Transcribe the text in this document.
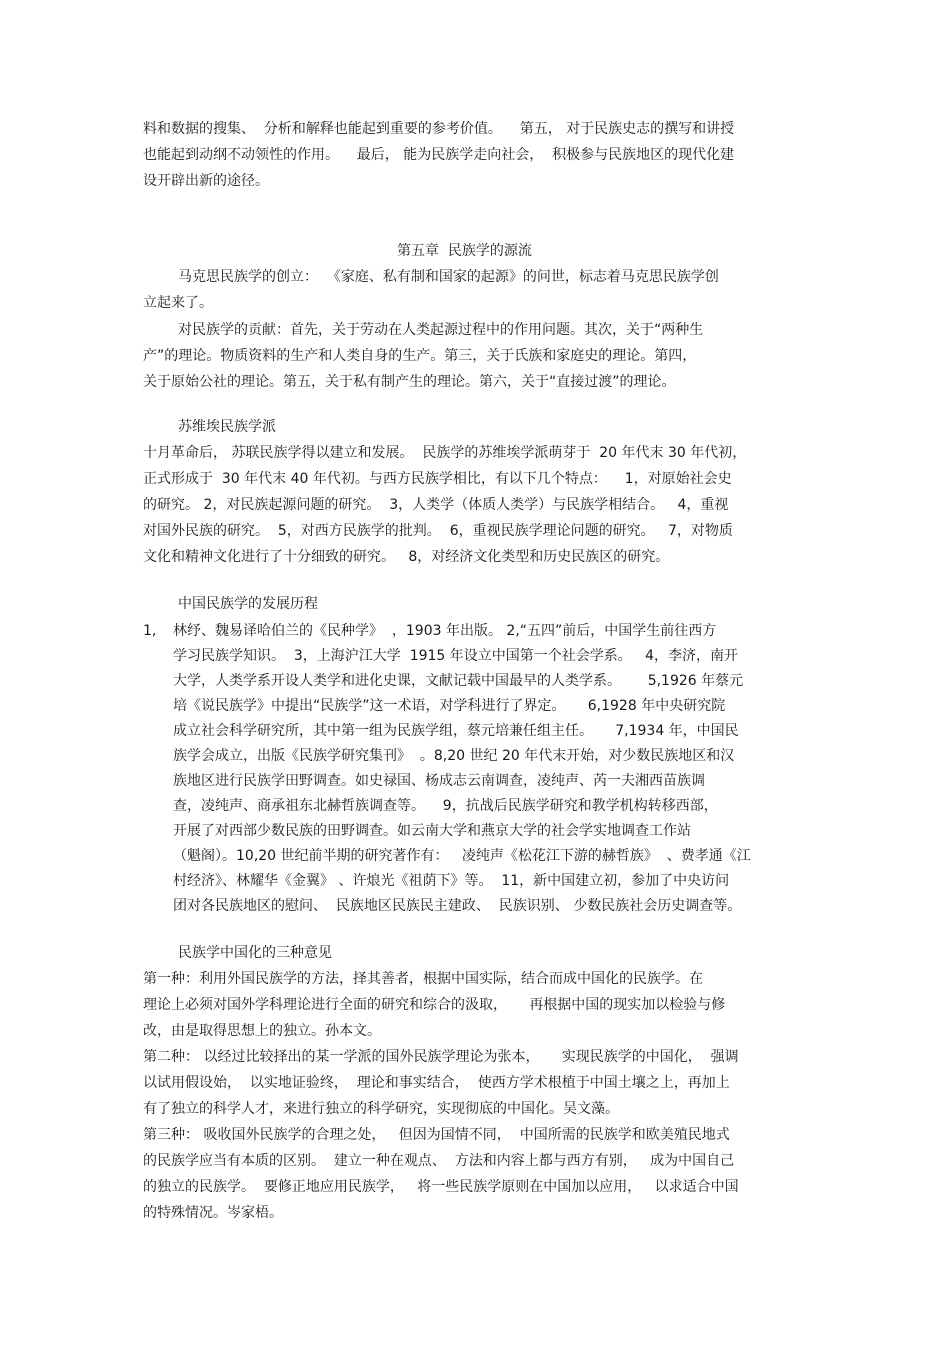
料和数据的搜集、  分析和解释也能起到重要的参考价值。    第五， 对于民族史志的撰写和讲授
也能起到动纲不动领性的作用。    最后， 能为民族学走向社会，  积极参与民族地区的现代化建
设开辟出新的途径。
第五章  民族学的源流
马克思民族学的创立：  《家庭、私有制和国家的起源》的问世，标志着马克思民族学创
立起来了。
对民族学的贡献：首先，关于劳动在人类起源过程中的作用问题。其次，关于“两种生
产”的理论。物质资料的生产和人类自身的生产。第三，关于氏族和家庭史的理论。第四，
关于原始公社的理论。第五，关于私有制产生的理论。第六，关于“直接过渡”的理论。
苏维埃民族学派
十月革命后， 苏联民族学得以建立和发展。  民族学的苏维埃学派萌芽于  20 年代末 30 年代初，
正式形成于  30 年代末 40 年代初。与西方民族学相比，有以下几个特点：    1，对原始社会史
的研究。 2，对民族起源问题的研究。  3，人类学（体质人类学）与民族学相结合。   4，重视
对国外民族的研究。  5，对西方民族学的批判。  6，重视民族学理论问题的研究。   7，对物质
文化和精神文化进行了十分细致的研究。   8，对经济文化类型和历史民族区的研究。
中国民族学的发展历程
1, 林纾、魏易译哈伯兰的《民种学》  ，1903 年出版。 2,“五四”前后，中国学生前往西方
学习民族学知识。  3，上海沪江大学  1915 年设立中国第一个社会学系。   4，李济，南开
大学，人类学系开设人类学和进化史课，文献记载中国最早的人类学系。      5,1926 年蔡元
培《说民族学》中提出“民族学”这一术语，对学科进行了界定。     6,1928 年中央研究院
成立社会科学研究所，其中第一组为民族学组，蔡元培兼任组主任。     7,1934 年，中国民
族学会成立，出版《民族学研究集刊》  。8,20 世纪 20 年代末开始，对少数民族地区和汉
族地区进行民族学田野调查。如史禄国、杨成志云南调查，凌纯声、芮一夫湘西苗族调
查，凌纯声、商承祖东北赫哲族调查等。    9，抗战后民族学研究和教学机构转移西部，
开展了对西部少数民族的田野调查。如云南大学和燕京大学的社会学实地调查工作站
（魁阁）。10,20 世纪前半期的研究著作有：   凌纯声《松花江下游的赫哲族》  、费孝通《江
村经济》、林耀华《金翼》 、许烺光《祖荫下》等。  11，新中国建立初，参加了中央访问
团对各民族地区的慰问、  民族地区民族民主建政、  民族识别、 少数民族社会历史调查等。
民族学中国化的三种意见
第一种：利用外国民族学的方法，择其善者，根据中国实际，结合而成中国化的民族学。在
理论上必须对国外学科理论进行全面的研究和综合的汲取，     再根据中国的现实加以检验与修
改，由是取得思想上的独立。孙本文。
第二种： 以经过比较择出的某一学派的国外民族学理论为张本，     实现民族学的中国化，  强调
以试用假设始，  以实地证验终，  理论和事实结合，  使西方学术根植于中国土壤之上，再加上
有了独立的科学人才，来进行独立的科学研究，实现彻底的中国化。吴文藻。
第三种： 吸收国外民族学的合理之处，   但因为国情不同，  中国所需的民族学和欧美殖民地式
的民族学应当有本质的区别。  建立一种在观点、  方法和内容上都与西方有别，   成为中国自己
的独立的民族学。  要修正地应用民族学，   将一些民族学原则在中国加以应用，   以求适合中国
的特殊情况。岑家梧。
